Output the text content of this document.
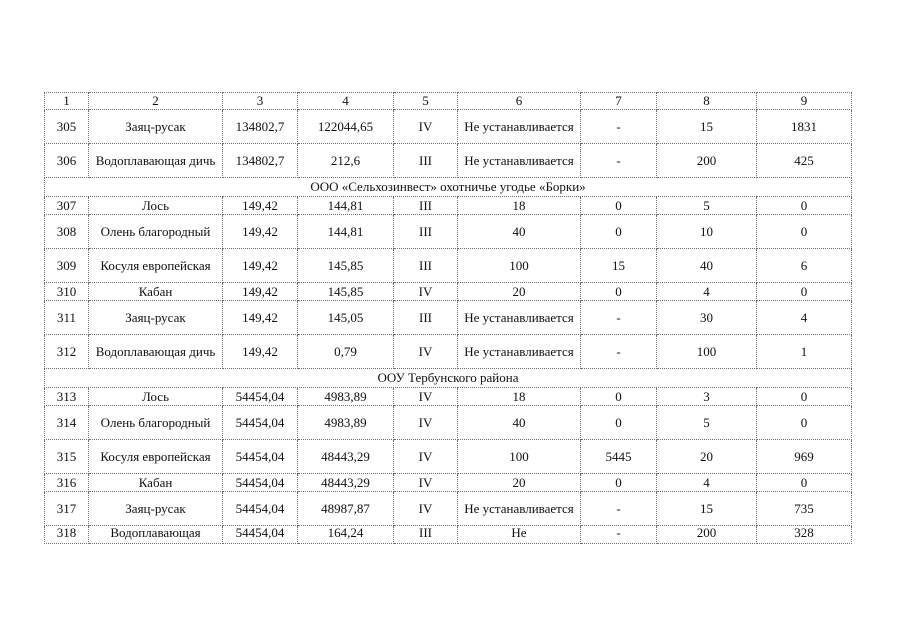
1	2	3	4	5	6	7	8	9
305	Заяц-русак	134802,7	122044,65	IV	Не устанавливается	-	15	1831
306	Водоплавающая дичь	134802,7	212,6	III	Не устанавливается	-	200	425
ООО «Сельхозинвест» охотничье угодье «Борки»								
307	Лось	149,42	144,81	III	18	0	5	0
308	Олень благородный	149,42	144,81	III	40	0	10	0
309	Косуля европейская	149,42	145,85	III	100	15	40	6
310	Кабан	149,42	145,85	IV	20	0	4	0
311	Заяц-русак	149,42	145,05	III	Не устанавливается	-	30	4
312	Водоплавающая дичь	149,42	0,79	IV	Не устанавливается	-	100	1
ООУ Тербунского района								
313	Лось	54454,04	4983,89	IV	18	0	3	0
314	Олень благородный	54454,04	4983,89	IV	40	0	5	0
315	Косуля европейская	54454,04	48443,29	IV	100	5445	20	969
316	Кабан	54454,04	48443,29	IV	20	0	4	0
317	Заяц-русак	54454,04	48987,87	IV	Не устанавливается	-	15	735
318	Водоплавающая	54454,04	164,24	III	Не	-	200	328
